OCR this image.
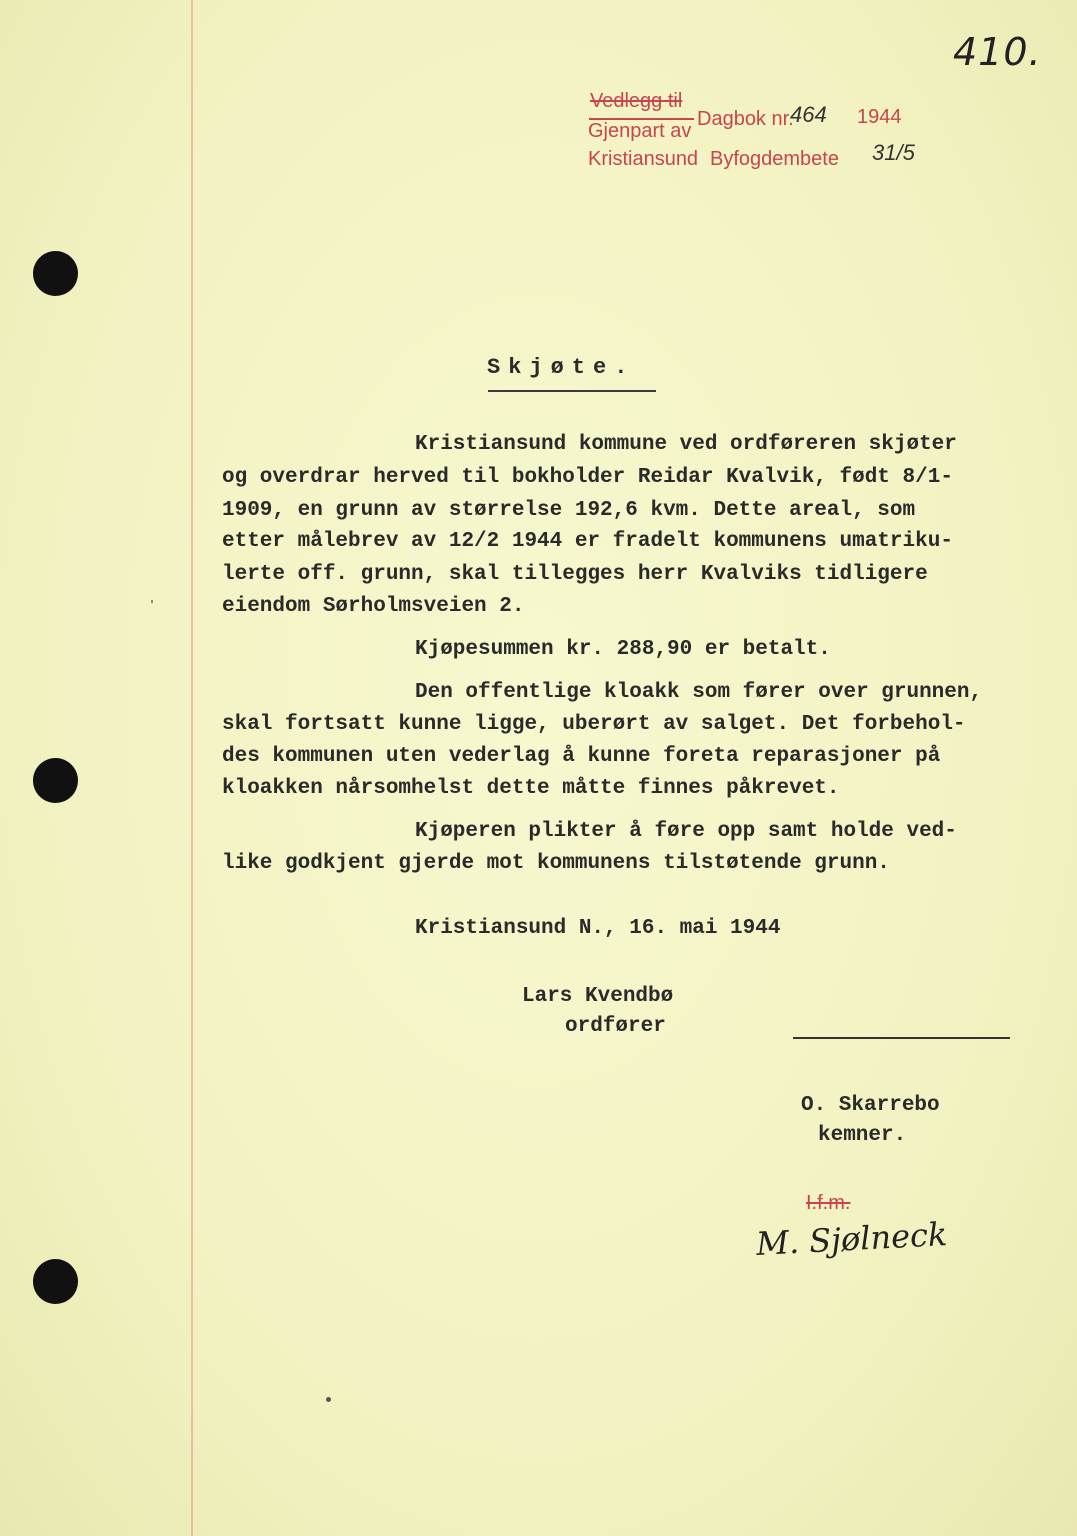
410.
Vedlegg til
Gjenpart av
Dagbok nr.
464 1944
Kristiansund Byfogdembete 31/5
Skjøte.
Kristiansund kommune ved ordføreren skjøter
og overdrar herved til bokholder Reidar Kvalvik, født 8/1-
1909, en grunn av størrelse 192,6 kvm. Dette areal, som
etter målebrev av 12/2 1944 er fradelt kommunens umatriku-
lerte off. grunn, skal tillegges herr Kvalviks tidligere
eiendom Sørholmsveien 2.
Kjøpesummen kr. 288,90 er betalt.
Den offentlige kloakk som fører over grunnen,
skal fortsatt kunne ligge, uberørt av salget. Det forbehol-
des kommunen uten vederlag å kunne foreta reparasjoner på
kloakken nårsomhelst dette måtte finnes påkrevet.
Kjøperen plikter å føre opp samt holde ved-
like godkjent gjerde mot kommunens tilstøtende grunn.
Kristiansund N., 16. mai 1944
Lars Kvendbø
ordfører
O. Skarrebo
kemner.
I.f.m.
M. Sjølneck
